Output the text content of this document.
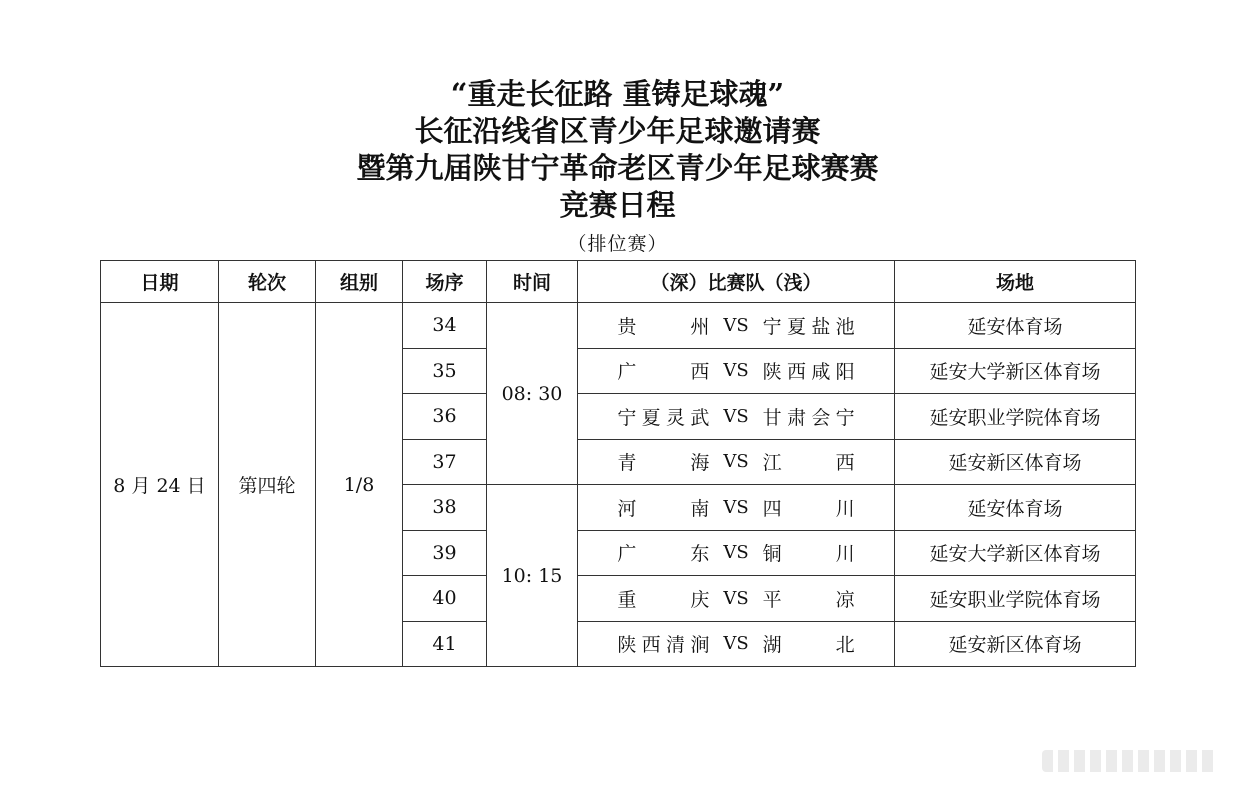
“重走长征路 重铸足球魂”
长征沿线省区青少年足球邀请赛
暨第九届陕甘宁革命老区青少年足球赛赛
竞赛日程
（排位赛）
日期	轮次	组别	场序	时间	（深）比赛队（浅）	场地
8 月 24 日	第四轮	1/8	34	08: 30	贵州 VS 宁夏盐池	延安体育场
			35		广西 VS 陕西咸阳	延安大学新区体育场
			36		宁夏灵武 VS 甘肃会宁	延安职业学院体育场
			37		青海 VS 江西	延安新区体育场
			38	10: 15	河南 VS 四川	延安体育场
			39		广东 VS 铜川	延安大学新区体育场
			40		重庆 VS 平凉	延安职业学院体育场
			41		陕西清涧 VS 湖北	延安新区体育场
